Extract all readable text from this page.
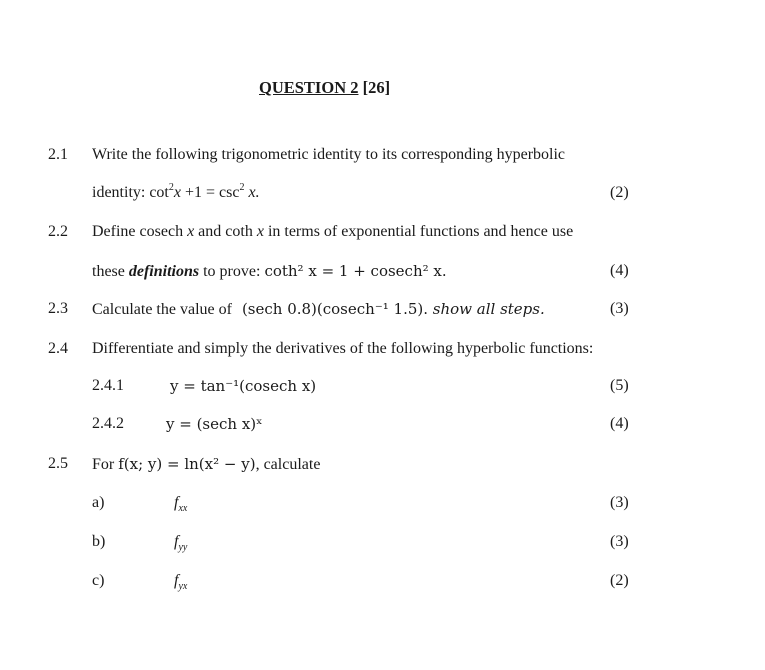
QUESTION 2 [26]
2.1 Write the following trigonometric identity to its corresponding hyperbolic
identity: $\cot^2x +1 = \csc^2 x$.	(2)
2.2 Define cosech x and coth x in terms of exponential functions and hence use
these definitions to prove: coth² x = 1 + cosech² x.	(4)
2.3 Calculate the value of (sech 0.8)(cosech⁻¹ 1.5). show all steps.	(3)
2.4 Differentiate and simply the derivatives of the following hyperbolic functions:
2.4.1	y = tan⁻¹(cosech x)	(5)
2.4.2	y = (sech x)ˣ	(4)
2.5 For f(x; y) = ln(x² − y), calculate
a)	$f_{xx}$	(3)
b)	$f_{yy}$	(3)
c)	$f_{yx}$	(2)
